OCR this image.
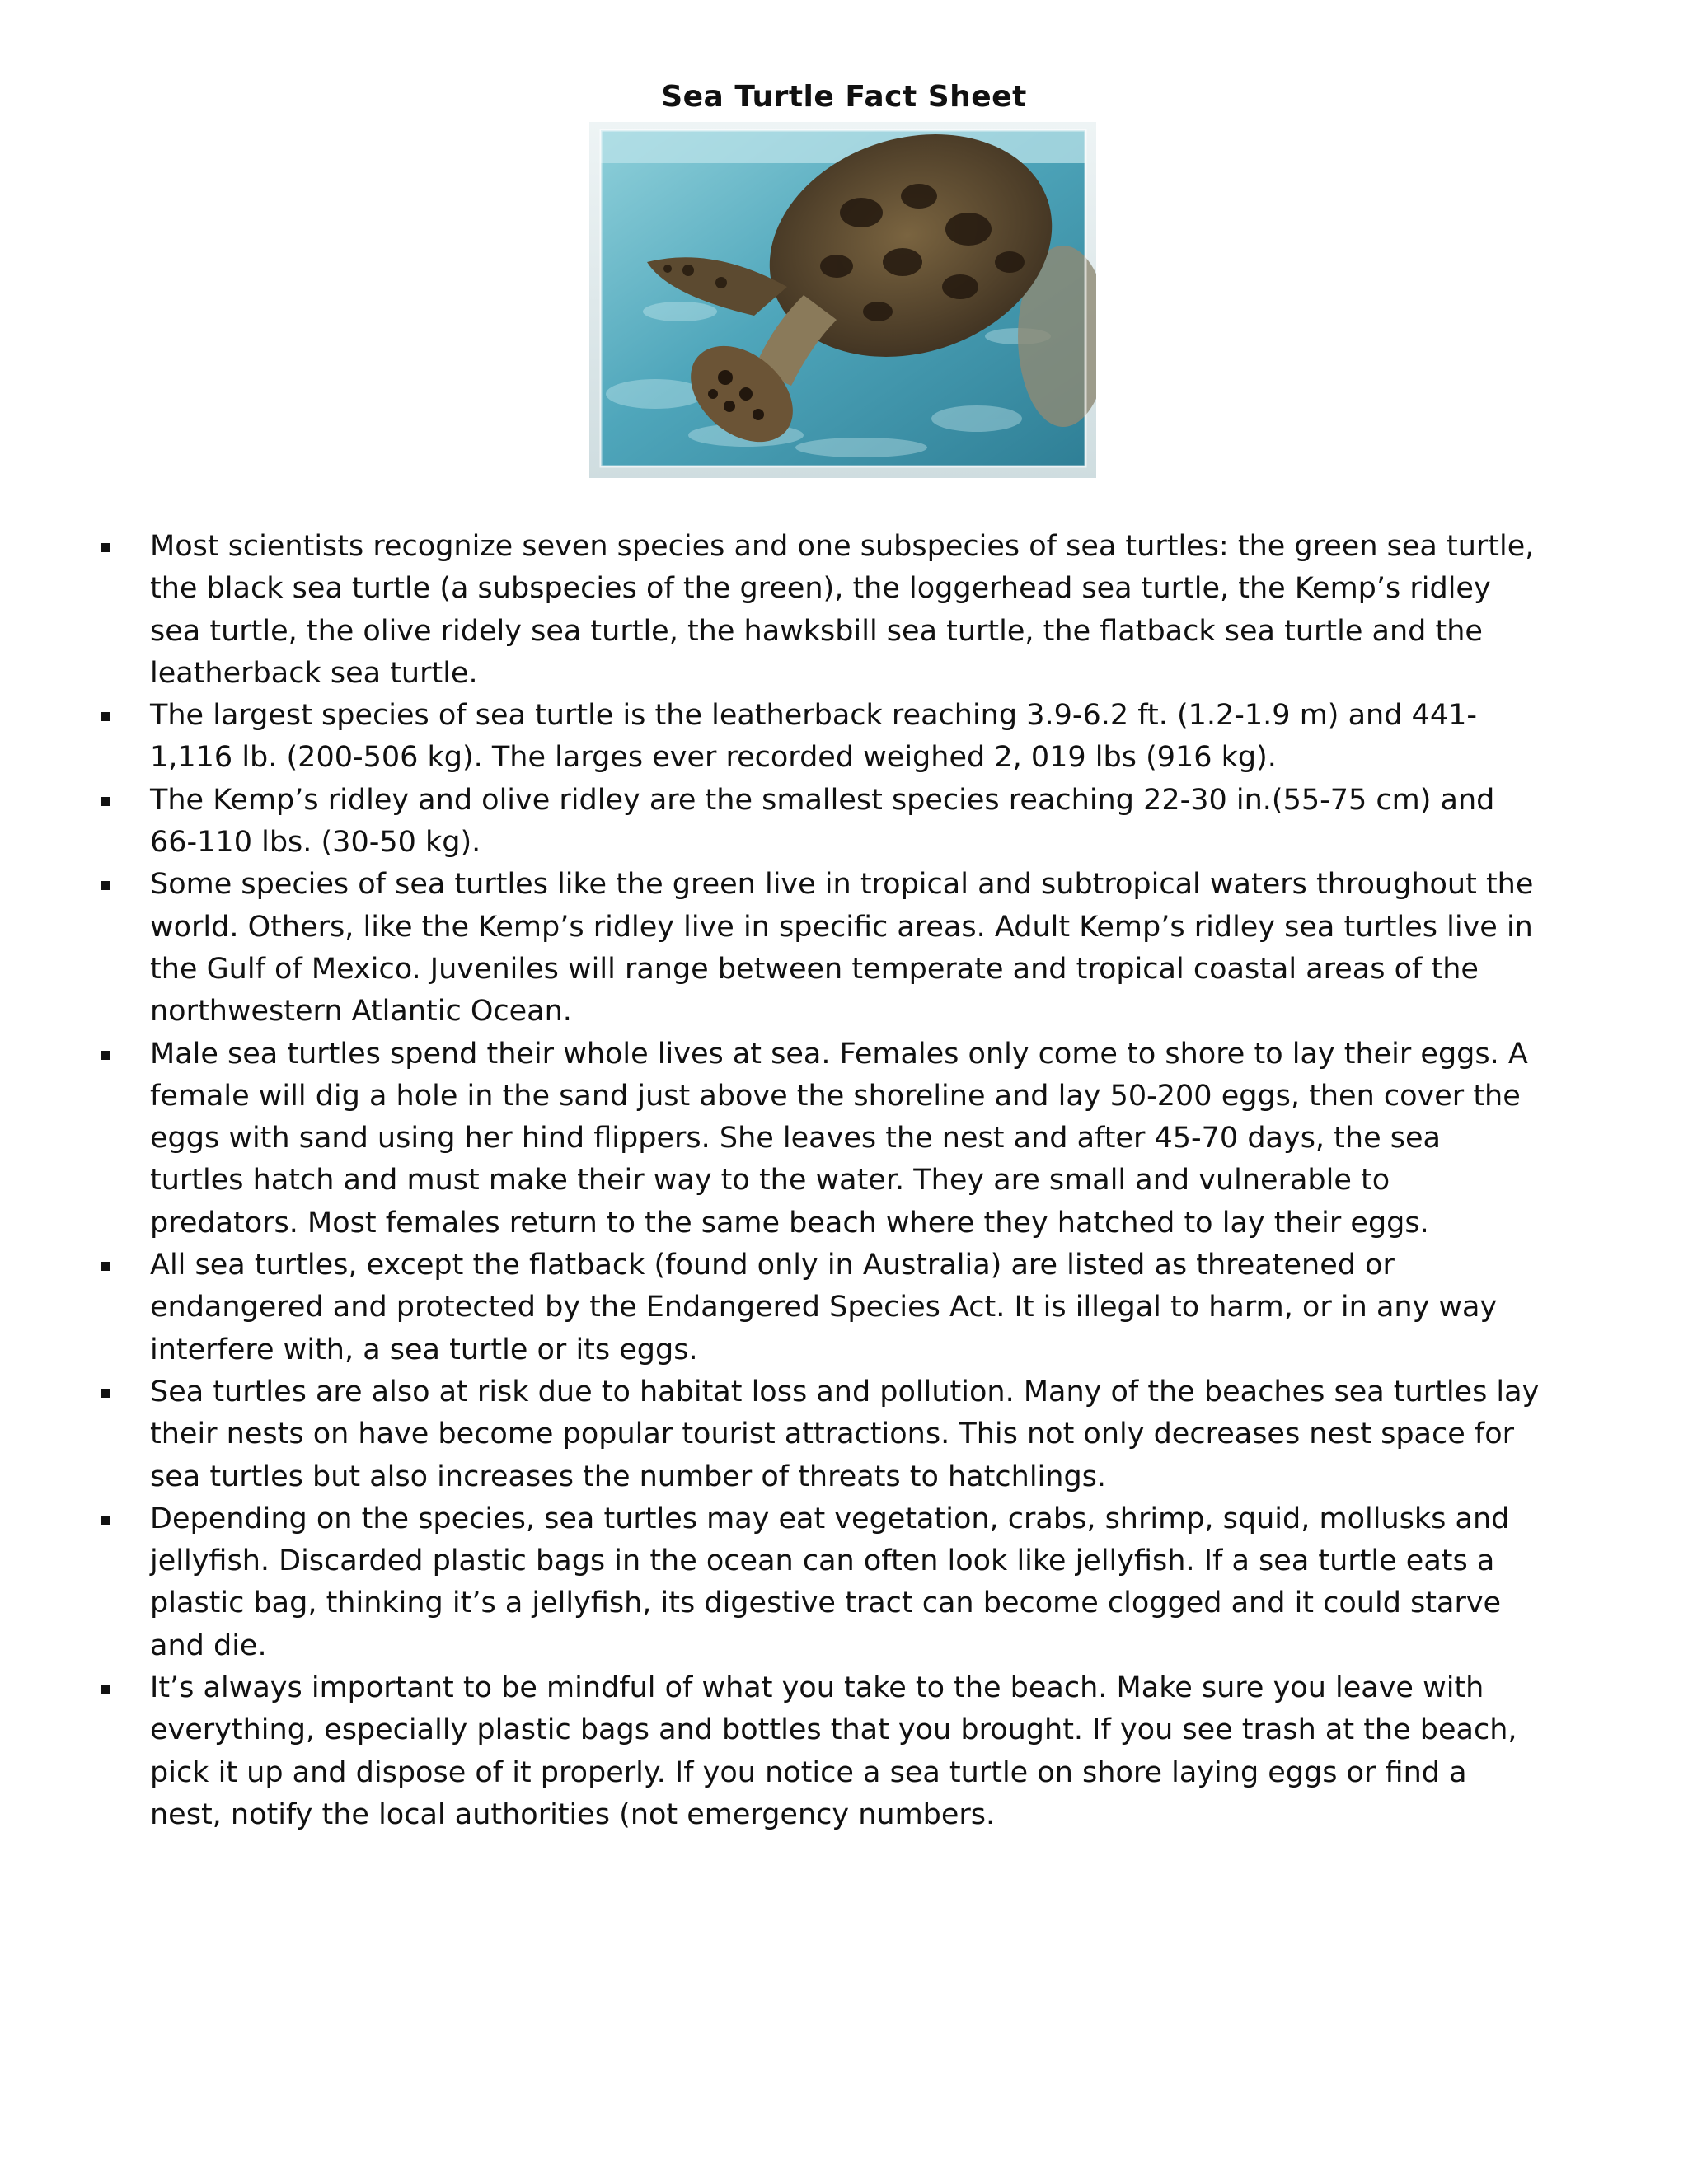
Sea Turtle Fact Sheet
Most scientists recognize seven species and one subspecies of sea turtles: the green sea turtle, the black sea turtle (a subspecies of the green), the loggerhead sea turtle, the Kemp’s ridley sea turtle, the olive ridely sea turtle, the hawksbill sea turtle, the flatback sea turtle and the leatherback sea turtle.
The largest species of sea turtle is the leatherback reaching 3.9-6.2 ft. (1.2-1.9 m) and 441-1,116 lb. (200-506 kg). The larges ever recorded weighed 2, 019 lbs (916 kg).
The Kemp’s ridley and olive ridley are the smallest species reaching 22-30 in.(55-75 cm) and 66-110 lbs. (30-50 kg).
Some species of sea turtles like the green live in tropical and subtropical waters throughout the world. Others, like the Kemp’s ridley live in specific areas. Adult Kemp’s ridley sea turtles live in the Gulf of Mexico. Juveniles will range between temperate and tropical coastal areas of the northwestern Atlantic Ocean.
Male sea turtles spend their whole lives at sea. Females only come to shore to lay their eggs. A female will dig a hole in the sand just above the shoreline and lay 50-200 eggs, then cover the eggs with sand using her hind flippers. She leaves the nest and after 45-70 days, the sea turtles hatch and must make their way to the water. They are small and vulnerable to predators. Most females return to the same beach where they hatched to lay their eggs.
All sea turtles, except the flatback (found only in Australia) are listed as threatened or endangered and protected by the Endangered Species Act. It is illegal to harm, or in any way interfere with, a sea turtle or its eggs.
Sea turtles are also at risk due to habitat loss and pollution. Many of the beaches sea turtles lay their nests on have become popular tourist attractions. This not only decreases nest space for sea turtles but also increases the number of threats to hatchlings.
Depending on the species, sea turtles may eat vegetation, crabs, shrimp, squid, mollusks and jellyfish. Discarded plastic bags in the ocean can often look like jellyfish. If a sea turtle eats a plastic bag, thinking it’s a jellyfish, its digestive tract can become clogged and it could starve and die.
It’s always important to be mindful of what you take to the beach. Make sure you leave with everything, especially plastic bags and bottles that you brought. If you see trash at the beach, pick it up and dispose of it properly. If you notice a sea turtle on shore laying eggs or find a nest, notify the local authorities (not emergency numbers.
